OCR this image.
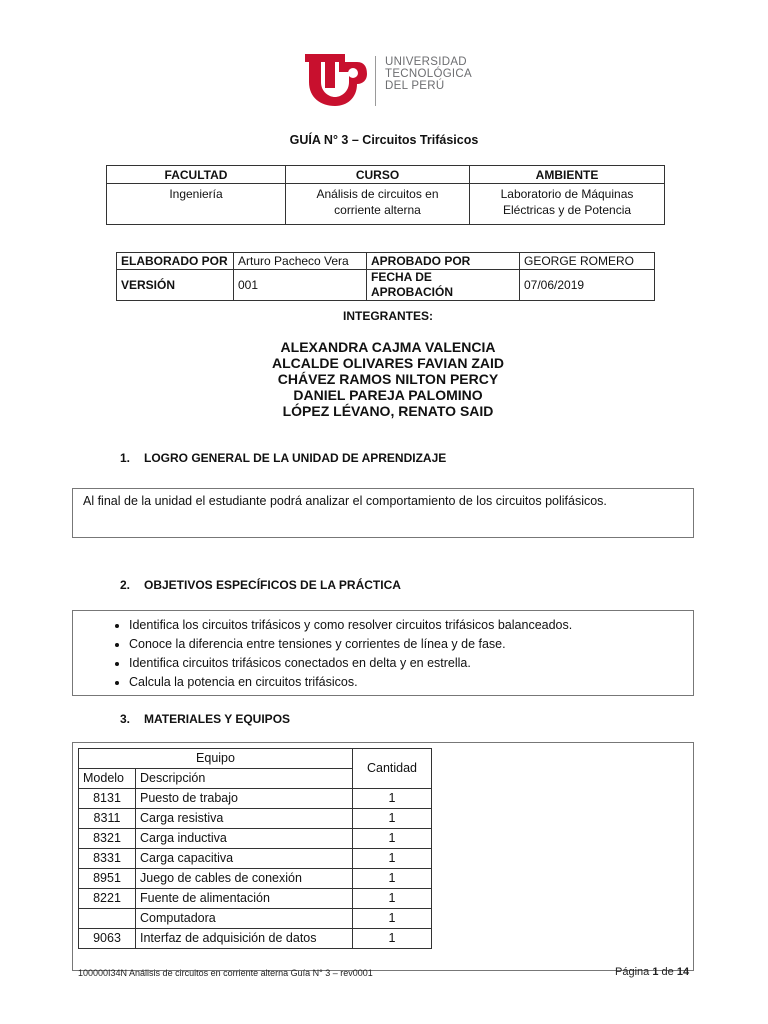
UNIVERSIDAD
TECNOLÓGICA
DEL PERÚ
GUÍA N° 3 – Circuitos Trifásicos
FACULTAD	CURSO	AMBIENTE
Ingeniería	Análisis de circuitos en corriente alterna	Laboratorio de Máquinas Eléctricas y de Potencia
ELABORADO POR	Arturo Pacheco Vera	APROBADO POR	GEORGE ROMERO
VERSIÓN	001	FECHA DE APROBACIÓN	07/06/2019
INTEGRANTES:
ALEXANDRA CAJMA VALENCIA
ALCALDE OLIVARES FAVIAN ZAID
CHÁVEZ RAMOS NILTON PERCY
DANIEL PAREJA PALOMINO
LÓPEZ LÉVANO, RENATO SAID
1. LOGRO GENERAL DE LA UNIDAD DE APRENDIZAJE

Al final de la unidad el estudiante podrá analizar el comportamiento de los circuitos polifásicos.

2. OBJETIVOS ESPECÍFICOS DE LA PRÁCTICA
• Identifica los circuitos trifásicos y como resolver circuitos trifásicos balanceados.
• Conoce la diferencia entre tensiones y corrientes de línea y de fase.
• Identifica circuitos trifásicos conectados en delta y en estrella.
• Calcula la potencia en circuitos trifásicos.
3. MATERIALES Y EQUIPOS
Equipo		Cantidad
Modelo	Descripción	
8131	Puesto de trabajo	1
8311	Carga resistiva	1
8321	Carga inductiva	1
8331	Carga capacitiva	1
8951	Juego de cables de conexión	1
8221	Fuente de alimentación	1
	Computadora	1
9063	Interfaz de adquisición de datos	1
100000I34N Análisis de circuitos en corriente alterna Guía N° 3 – rev0001	Página 1 de 14
